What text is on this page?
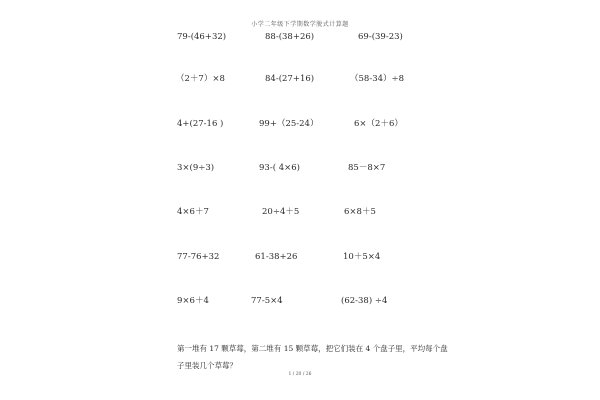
小学二年级下学期数学脱式计算题
79-(46+32)	88-(38+26)	69-(39-23)
（2＋7）×8	84-(27+16)	（58-34）÷8
4+(27-16 )	99+（25-24）	6×（2＋6）
3×(9÷3)	93-( 4×6)	85－8×7
4×6＋7	20÷4＋5	6×8＋5
77-76+32	61-38+26	10＋5×4
9×6＋4	77-5×4	(62-38) ÷4
第一堆有 17 颗草莓，第二堆有 15 颗草莓，把它们装在 4 个盘子里，平均每个盘
子里装几个草莓？
1 / 20 / 26
